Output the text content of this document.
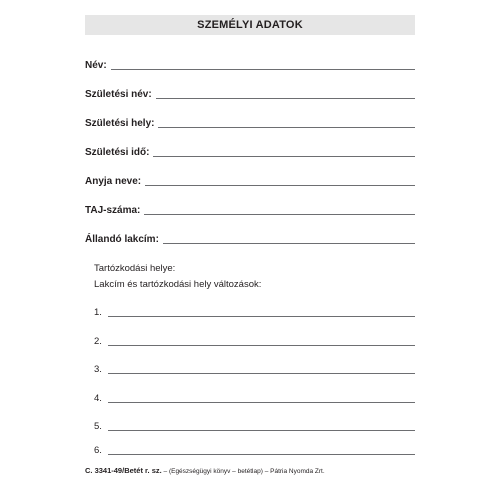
SZEMÉLYI ADATOK
Név:
Születési név:
Születési hely:
Születési idő:
Anyja neve:
TAJ-száma:
Állandó lakcím:
Tartózkodási helye:
Lakcím és tartózkodási hely változások:
1.
2.
3.
4.
5.
6.
C. 3341-49/Betét r. sz. – (Egészségügyi könyv – betétlap) – Pátria Nyomda Zrt.
